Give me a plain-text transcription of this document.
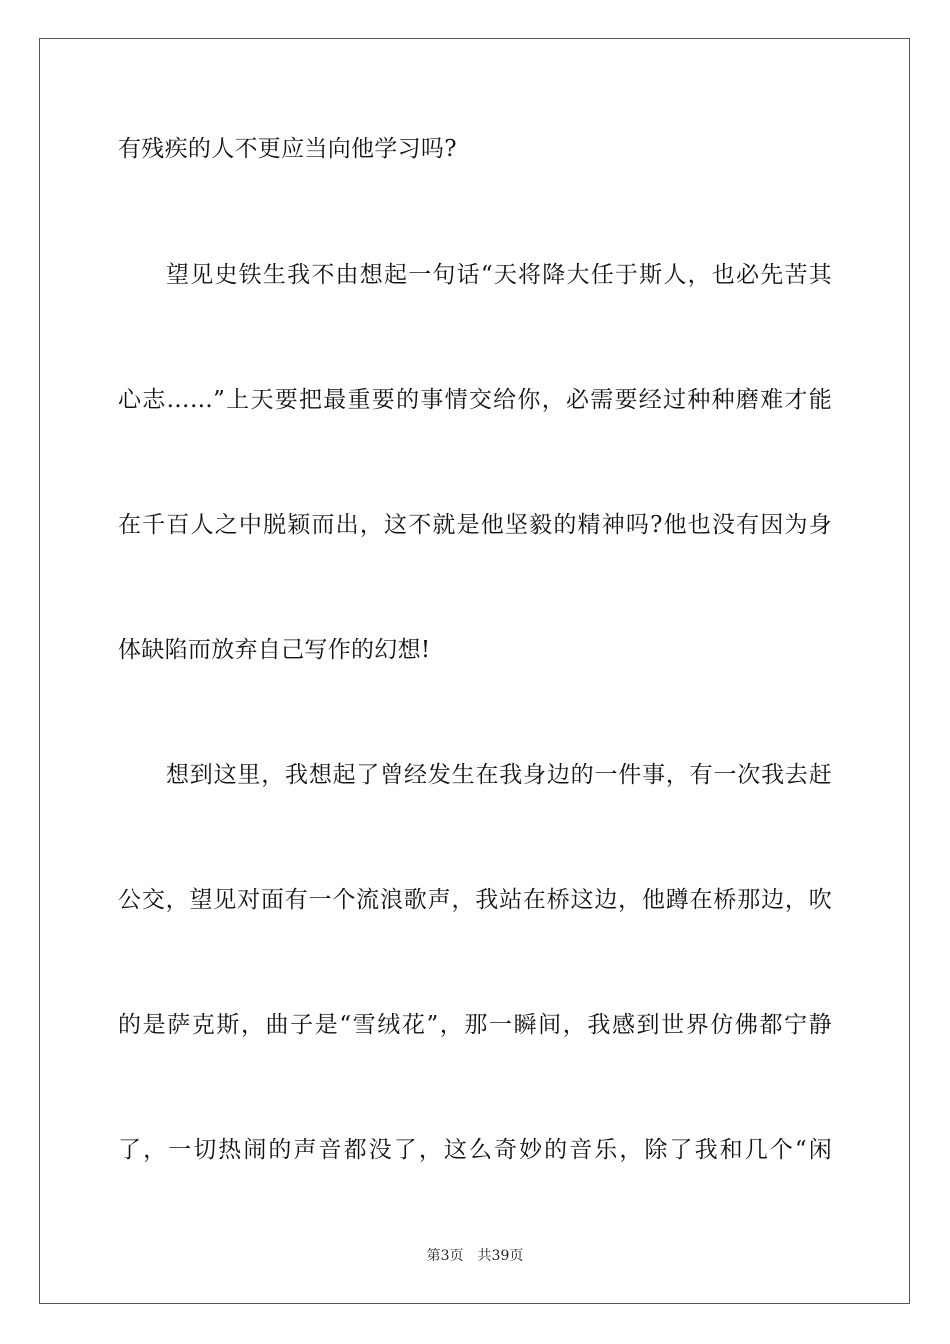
有残疾的人不更应当向他学习吗?
望见史铁生我不由想起一句话“天将降大任于斯人，也必先苦其
心志……”上天要把最重要的事情交给你，必需要经过种种磨难才能
在千百人之中脱颖而出，这不就是他坚毅的精神吗?他也没有因为身
体缺陷而放弃自己写作的幻想!
想到这里，我想起了曾经发生在我身边的一件事，有一次我去赶
公交，望见对面有一个流浪歌声，我站在桥这边，他蹲在桥那边，吹
的是萨克斯，曲子是“雪绒花”，那一瞬间，我感到世界仿佛都宁静
了，一切热闹的声音都没了，这么奇妙的音乐，除了我和几个“闲
第3页 共39页
